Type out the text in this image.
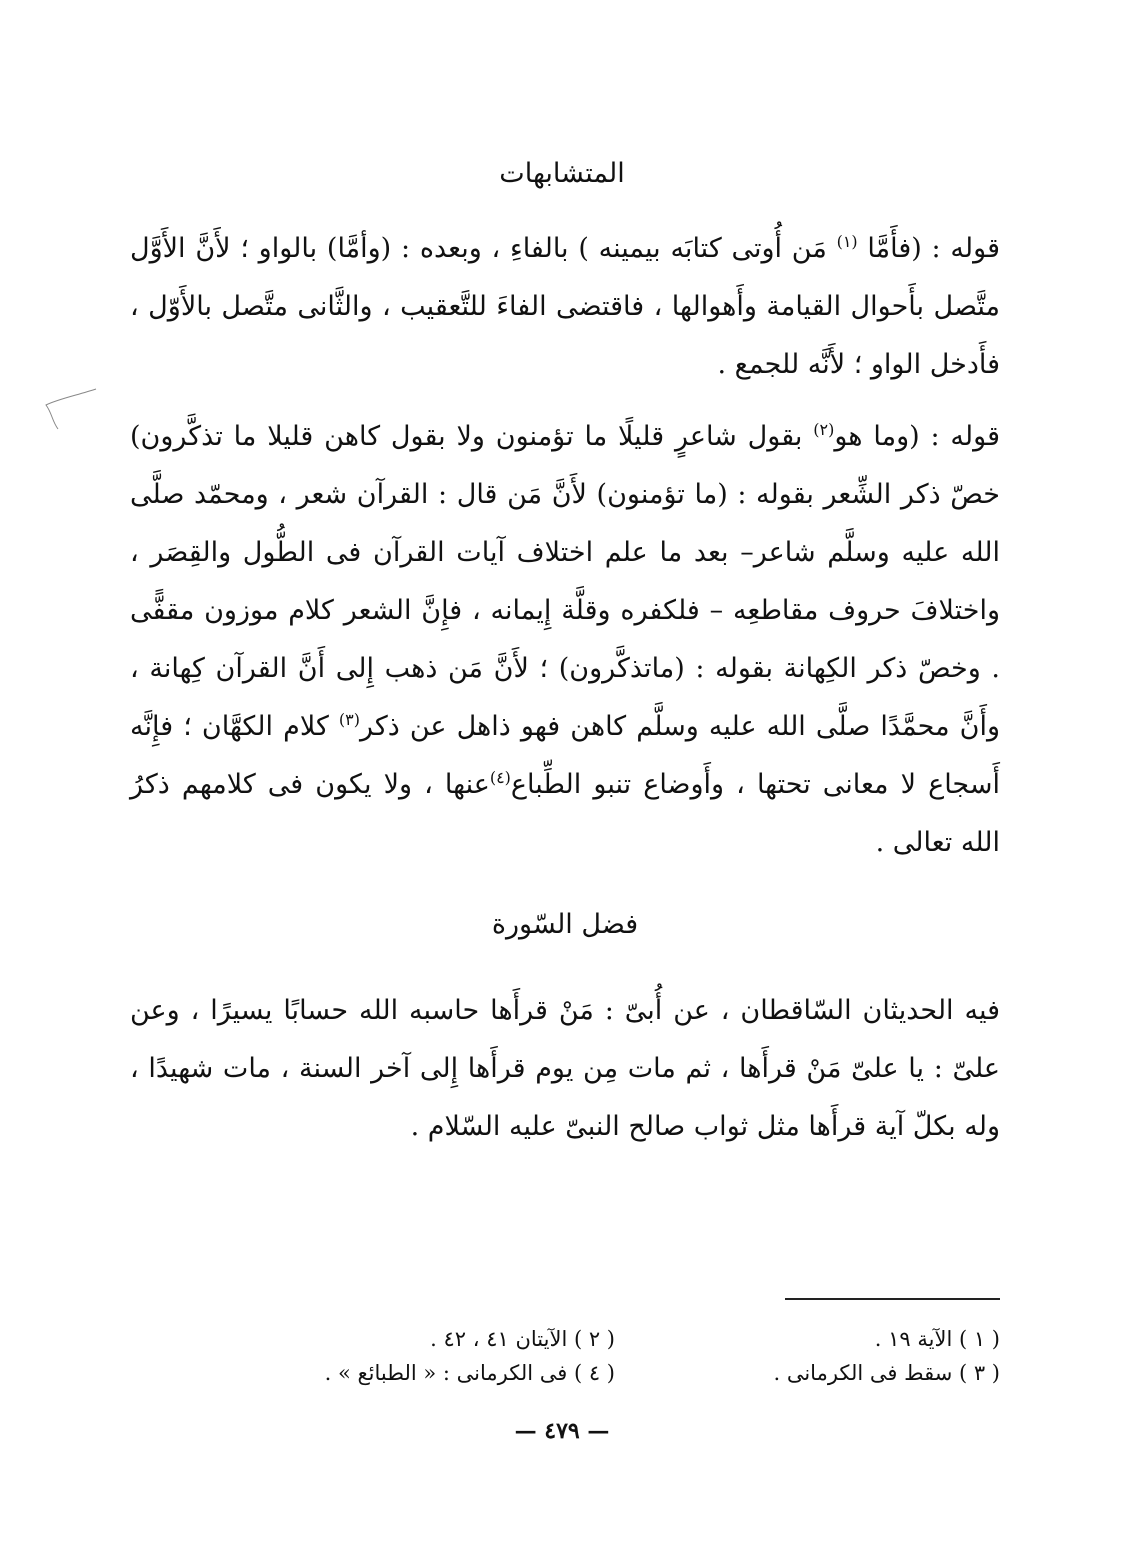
المتشابهات

قوله : (فأَمَّا $^{(١)}$ مَن أُوتى كتابَه بيمينه ) بالفاءِ ، وبعده : (وأمَّا) بالواو ؛ لأَنَّ الأَوَّل متَّصل بأَحوال القيامة وأَهوالها ، فاقتضى الفاءَ للتَّعقيب ، والثَّانى متَّصل بالأَوّل ، فأَدخل الواو ؛ لأَنَّه للجمع .

قوله : (وما هو$^{(٢)}$ بقول شاعرٍ قليلًا ما تؤمنون ولا بقول كاهن قليلا ما تذكَّرون) خصّ ذكر الشِّعر بقوله : (ما تؤمنون) لأَنَّ مَن قال : القرآن شعر ، ومحمّد صلَّى الله عليه وسلَّم شاعر– بعد ما علم اختلاف آيات القرآن فى الطُّول والقِصَر ، واختلافَ حروف مقاطعِه – فلكفره وقلَّة إِيمانه ، فإِنَّ الشعر كلام موزون مقفًّى . وخصّ ذكر الكِهانة بقوله : (ماتذكَّرون) ؛ لأَنَّ مَن ذهب إِلى أَنَّ القرآن كِهانة ، وأَنَّ محمَّدًا صلَّى الله عليه وسلَّم كاهن فهو ذاهل عن ذكر$^{(٣)}$ كلام الكهَّان ؛ فإِنَّه أَسجاع لا معانى تحتها ، وأَوضاع تنبو الطِّباع$^{(٤)}$عنها ، ولا يكون فى كلامهم ذكرُ الله تعالى .

فضل السّورة

فيه الحديثان السّاقطان ، عن أُبىّ : مَنْ قرأَها حاسبه الله حسابًا يسيرًا ، وعن علىّ : يا علىّ مَنْ قرأَها ، ثم مات مِن يوم قرأَها إِلى آخر السنة ، مات شهيدًا ، وله بكلّ آية قرأَها مثل ثواب صالح النبىّ عليه السّلام .

( ١ ) الآية ١٩ .
( ٢ ) الآيتان ٤١ ، ٤٢ .
( ٣ ) سقط فى الكرمانى .
( ٤ ) فى الكرمانى : « الطبائع » .
— ٤٧٩ —
